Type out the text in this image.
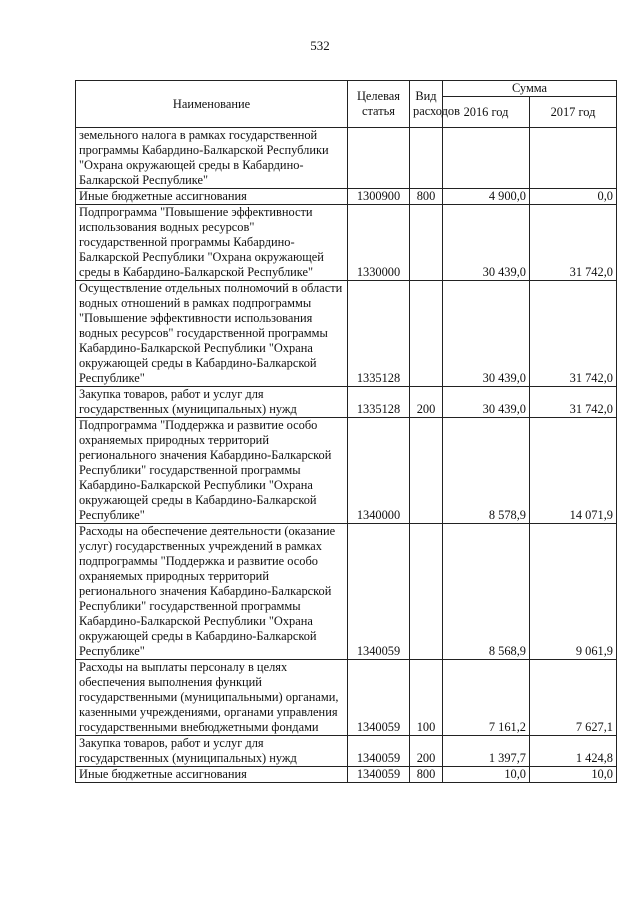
532
Наименование	Целевая статья	Вид расходов	Сумма	
			2016 год	2017 год
земельного налога в рамках государственной программы Кабардино-Балкарской Республики "Охрана окружающей среды в Кабардино-Балкарской Республике"				
Иные бюджетные ассигнования	1300900	800	4 900,0	0,0
Подпрограмма "Повышение эффективности использования водных ресурсов" государственной программы Кабардино-Балкарской Республики "Охрана окружающей среды в Кабардино-Балкарской Республике"	1330000		30 439,0	31 742,0
Осуществление отдельных полномочий в области водных отношений в рамках подпрограммы "Повышение эффективности использования водных ресурсов" государственной программы Кабардино-Балкарской Республики "Охрана окружающей среды в Кабардино-Балкарской Республике"	1335128		30 439,0	31 742,0
Закупка товаров, работ и услуг для государственных (муниципальных) нужд	1335128	200	30 439,0	31 742,0
Подпрограмма "Поддержка и развитие особо охраняемых природных территорий регионального значения Кабардино-Балкарской Республики" государственной программы Кабардино-Балкарской Республики "Охрана окружающей среды в Кабардино-Балкарской Республике"	1340000		8 578,9	14 071,9
Расходы на обеспечение деятельности (оказание услуг) государственных учреждений в рамках подпрограммы "Поддержка и развитие особо охраняемых природных территорий регионального значения Кабардино-Балкарской Республики" государственной программы Кабардино-Балкарской Республики "Охрана окружающей среды в Кабардино-Балкарской Республике"	1340059		8 568,9	9 061,9
Расходы на выплаты персоналу в целях обеспечения выполнения функций государственными (муниципальными) органами, казенными учреждениями, органами управления государственными внебюджетными фондами	1340059	100	7 161,2	7 627,1
Закупка товаров, работ и услуг для государственных (муниципальных) нужд	1340059	200	1 397,7	1 424,8
Иные бюджетные ассигнования	1340059	800	10,0	10,0
